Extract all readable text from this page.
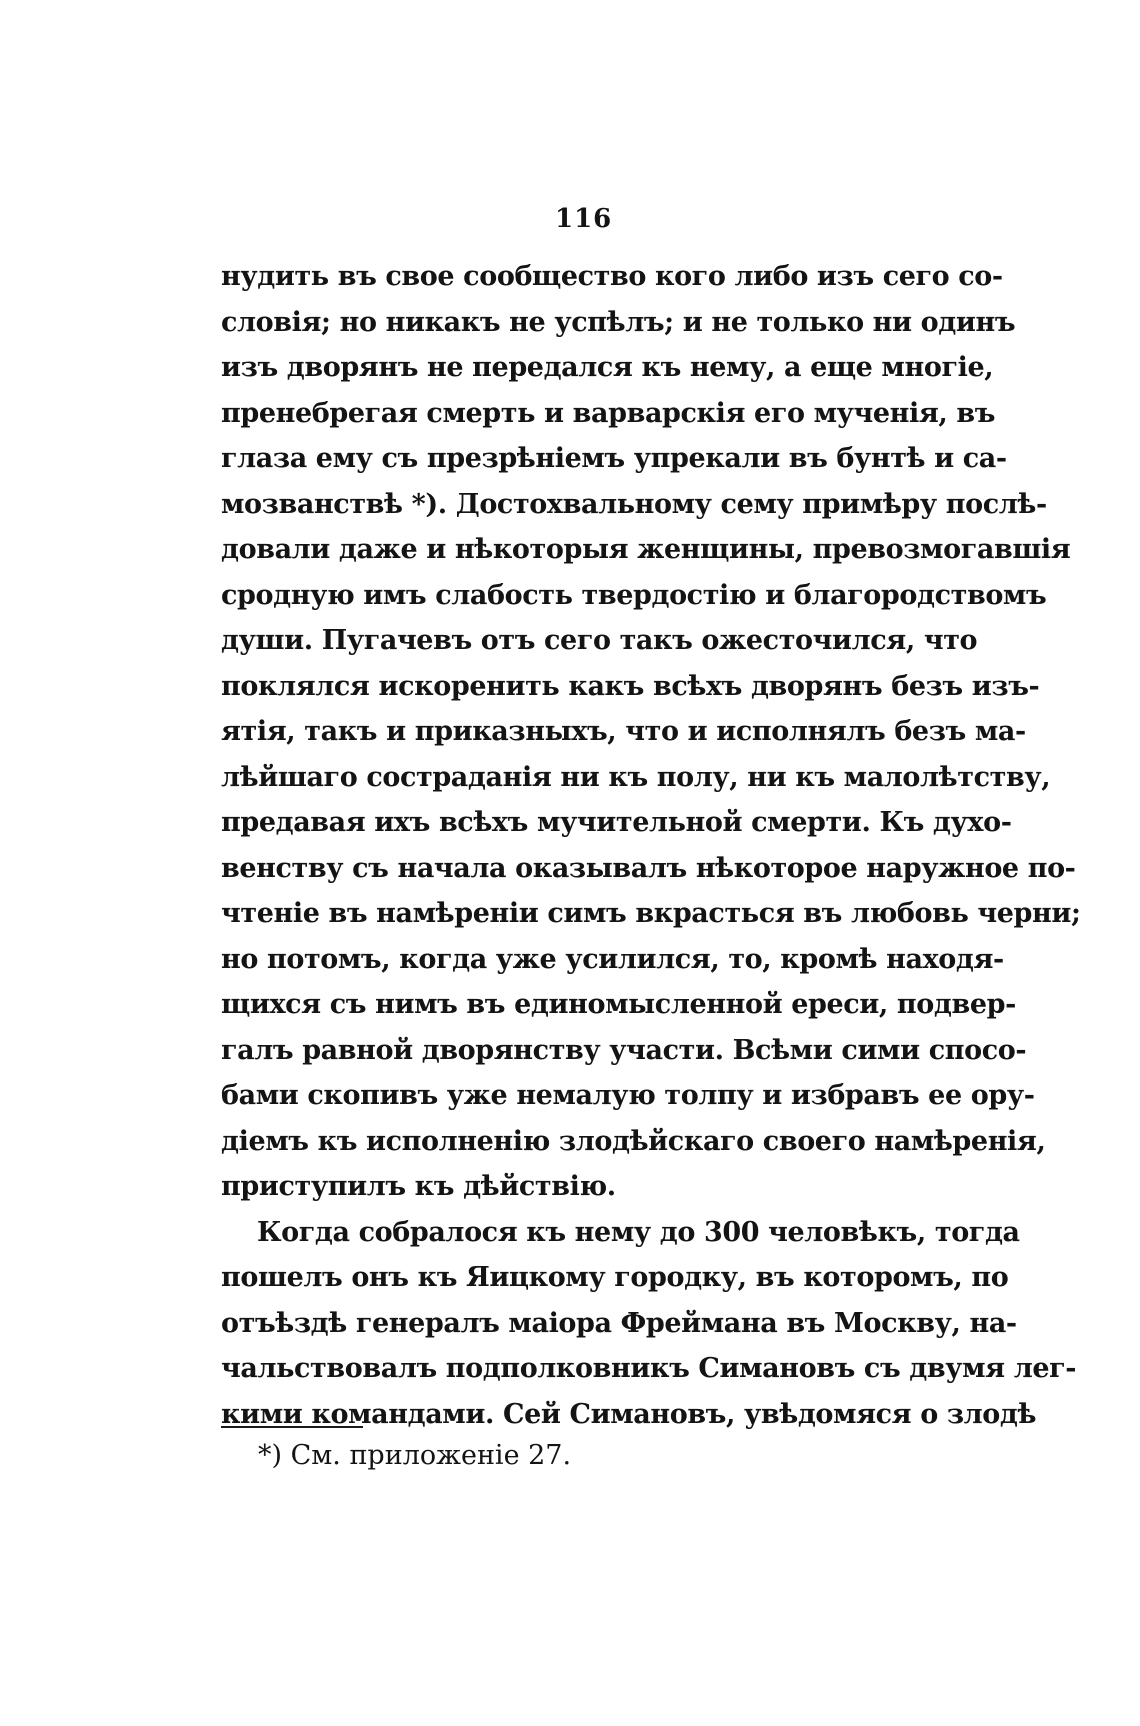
116
нудить въ свое сообщество кого либо изъ сего со-
словія; но никакъ не успѣлъ; и не только ни одинъ
изъ дворянъ не передался къ нему, а еще многіе,
пренебрегая смерть и варварскія его мученія, въ
глаза ему съ презрѣніемъ упрекали въ бунтѣ и са-
мозванствѣ *). Достохвальному сему примѣру послѣ-
довали даже и нѣкоторыя женщины, превозмогавшія
сродную имъ слабость твердостію и благородствомъ
души. Пугачевъ отъ сего такъ ожесточился, что
поклялся искоренить какъ всѣхъ дворянъ безъ изъ-
ятія, такъ и приказныхъ, что и исполнялъ безъ ма-
лѣйшаго состраданія ни къ полу, ни къ малолѣтству,
предавая ихъ всѣхъ мучительной смерти. Къ духо-
венству съ начала оказывалъ нѣкоторое наружное по-
чтеніе въ намѣреніи симъ вкрасться въ любовь черни;
но потомъ, когда уже усилился, то, кромѣ находя-
щихся съ нимъ въ единомысленной ереси, подвер-
галъ равной дворянству участи. Всѣми сими спосо-
бами скопивъ уже немалую толпу и избравъ ее ору-
діемъ къ исполненію злодѣйскаго своего намѣренія,
приступилъ къ дѣйствію.
Когда собралося къ нему до 300 человѣкъ, тогда
пошелъ онъ къ Яицкому городку, въ которомъ, по
отъѣздѣ генералъ маіора Фреймана въ Москву, на-
чальствовалъ подполковникъ Симановъ съ двумя лег-
кими командами. Сей Симановъ, увѣдомяся о злодѣ
*) См. приложеніе 27.
